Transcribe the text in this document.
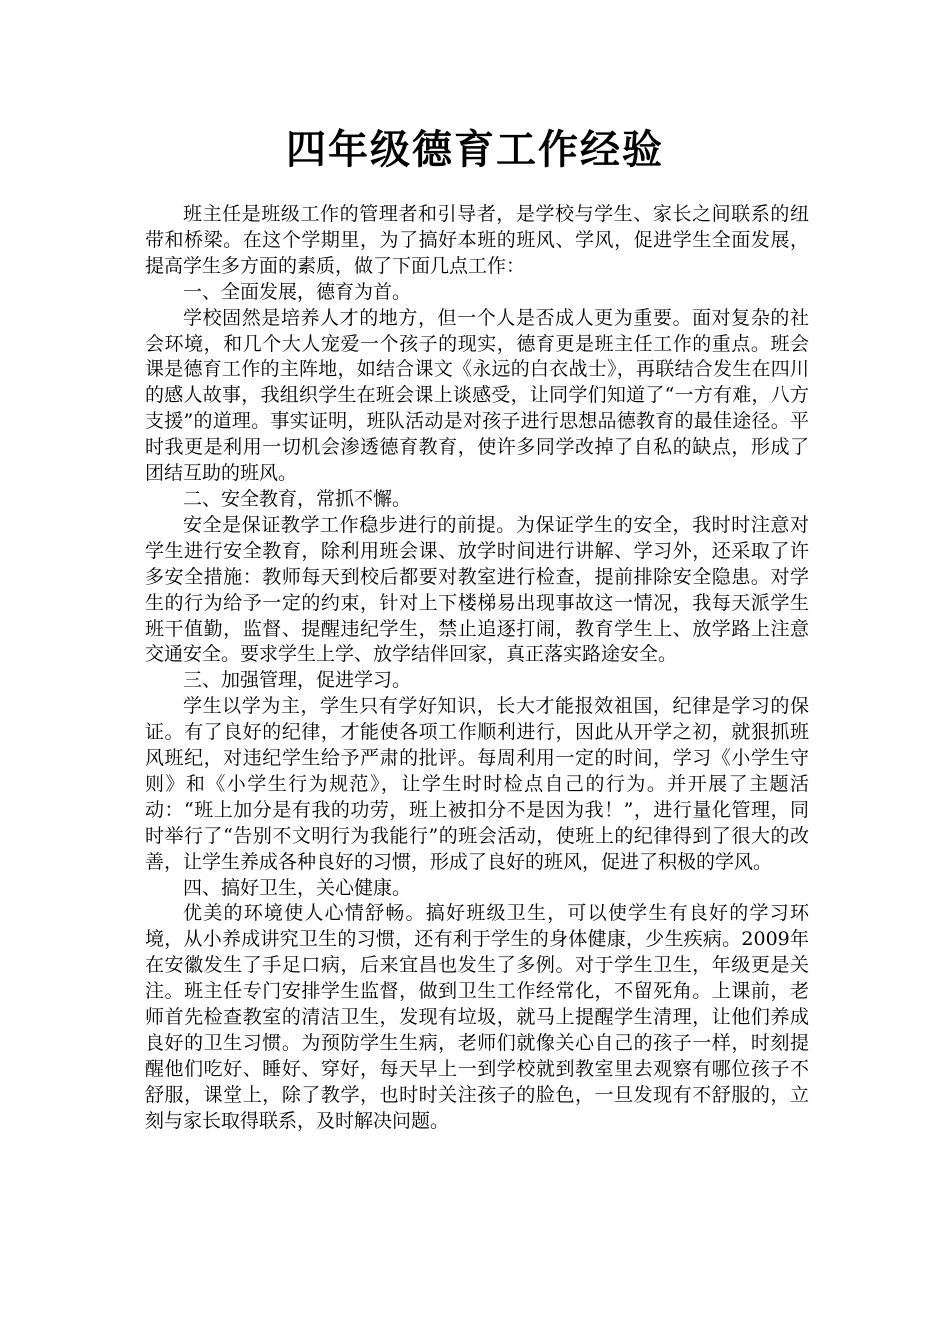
四年级德育工作经验

班主任是班级工作的管理者和引导者，是学校与学生、家长之间联系的纽带和桥梁。在这个学期里，为了搞好本班的班风、学风，促进学生全面发展，提高学生多方面的素质，做了下面几点工作：

一、全面发展，德育为首。

学校固然是培养人才的地方，但一个人是否成人更为重要。面对复杂的社会环境，和几个大人宠爱一个孩子的现实，德育更是班主任工作的重点。班会课是德育工作的主阵地，如结合课文《永远的白衣战士》，再联结合发生在四川的感人故事，我组织学生在班会课上谈感受，让同学们知道了“一方有难，八方支援”的道理。事实证明，班队活动是对孩子进行思想品德教育的最佳途径。平时我更是利用一切机会渗透德育教育，使许多同学改掉了自私的缺点，形成了团结互助的班风。

二、安全教育，常抓不懈。

安全是保证教学工作稳步进行的前提。为保证学生的安全，我时时注意对学生进行安全教育，除利用班会课、放学时间进行讲解、学习外，还采取了许多安全措施：教师每天到校后都要对教室进行检查，提前排除安全隐患。对学生的行为给予一定的约束，针对上下楼梯易出现事故这一情况，我每天派学生班干值勤，监督、提醒违纪学生，禁止追逐打闹，教育学生上、放学路上注意交通安全。要求学生上学、放学结伴回家，真正落实路途安全。

三、加强管理，促进学习。

学生以学为主，学生只有学好知识，长大才能报效祖国，纪律是学习的保证。有了良好的纪律，才能使各项工作顺利进行，因此从开学之初，就狠抓班风班纪，对违纪学生给予严肃的批评。每周利用一定的时间，学习《小学生守则》和《小学生行为规范》，让学生时时检点自己的行为。并开展了主题活动：“班上加分是有我的功劳，班上被扣分不是因为我！”，进行量化管理，同时举行了“告别不文明行为我能行”的班会活动，使班上的纪律得到了很大的改善，让学生养成各种良好的习惯，形成了良好的班风，促进了积极的学风。

四、搞好卫生，关心健康。

优美的环境使人心情舒畅。搞好班级卫生，可以使学生有良好的学习环境，从小养成讲究卫生的习惯，还有利于学生的身体健康，少生疾病。2009年在安徽发生了手足口病，后来宜昌也发生了多例。对于学生卫生，年级更是关注。班主任专门安排学生监督，做到卫生工作经常化，不留死角。上课前，老师首先检查教室的清洁卫生，发现有垃圾，就马上提醒学生清理，让他们养成良好的卫生习惯。为预防学生生病，老师们就像关心自己的孩子一样，时刻提醒他们吃好、睡好、穿好，每天早上一到学校就到教室里去观察有哪位孩子不舒服，课堂上，除了教学，也时时关注孩子的脸色，一旦发现有不舒服的，立刻与家长取得联系，及时解决问题。
